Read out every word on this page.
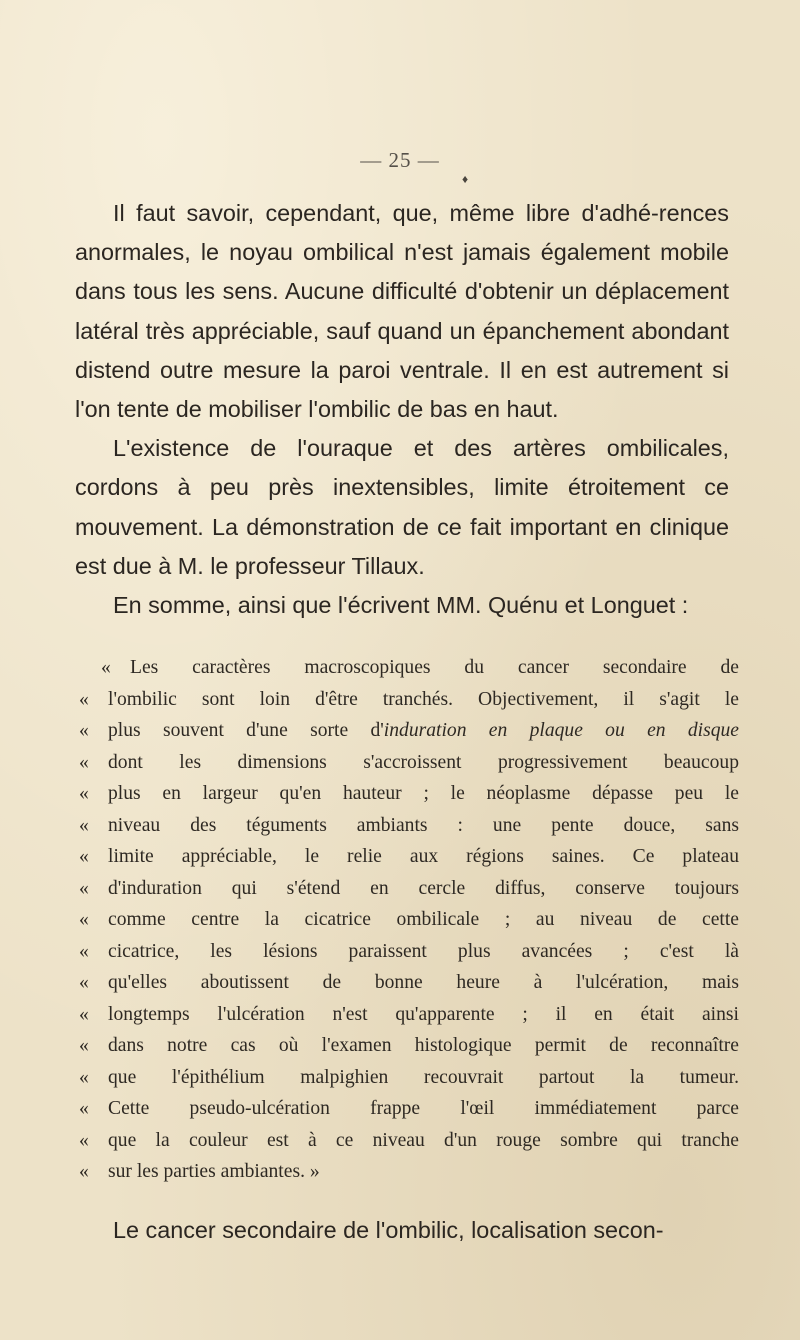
— 25 —

Il faut savoir, cependant, que, même libre d'adhé-rences anormales, le noyau ombilical n'est jamais également mobile dans tous les sens. Aucune difficulté d'obtenir un déplacement latéral très appréciable, sauf quand un épanchement abondant distend outre mesure la paroi ventrale. Il en est autrement si l'on tente de mobiliser l'ombilic de bas en haut.

L'existence de l'ouraque et des artères ombilicales, cordons à peu près inextensibles, limite étroitement ce mouvement. La démonstration de ce fait important en clinique est due à M. le professeur Tillaux.

En somme, ainsi que l'écrivent MM. Quénu et Longuet :

« Les caractères macroscopiques du cancer secondaire de
« l'ombilic sont loin d'être tranchés. Objectivement, il s'agit le
« plus souvent d'une sorte d'induration en plaque ou en disque
« dont les dimensions s'accroissent progressivement beaucoup
« plus en largeur qu'en hauteur ; le néoplasme dépasse peu le
« niveau des téguments ambiants : une pente douce, sans
« limite appréciable, le relie aux régions saines. Ce plateau
« d'induration qui s'étend en cercle diffus, conserve toujours
« comme centre la cicatrice ombilicale ; au niveau de cette
« cicatrice, les lésions paraissent plus avancées ; c'est là
« qu'elles aboutissent de bonne heure à l'ulcération, mais
« longtemps l'ulcération n'est qu'apparente ; il en était ainsi
« dans notre cas où l'examen histologique permit de reconnaître
« que l'épithélium malpighien recouvrait partout la tumeur.
« Cette pseudo-ulcération frappe l'œil immédiatement parce
« que la couleur est à ce niveau d'un rouge sombre qui tranche
« sur les parties ambiantes. »
Le cancer secondaire de l'ombilic, localisation secon-
♦
